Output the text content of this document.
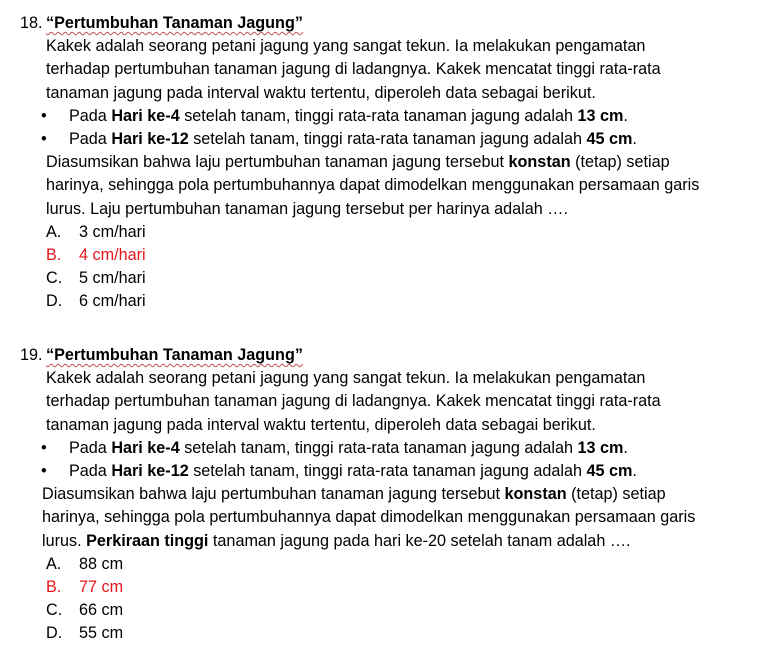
18. “Pertumbuhan Tanaman Jagung”
Kakek adalah seorang petani jagung yang sangat tekun. Ia melakukan pengamatan
terhadap pertumbuhan tanaman jagung di ladangnya. Kakek mencatat tinggi rata-rata
tanaman jagung pada interval waktu tertentu, diperoleh data sebagai berikut.
• Pada Hari ke-4 setelah tanam, tinggi rata-rata tanaman jagung adalah 13 cm.
• Pada Hari ke-12 setelah tanam, tinggi rata-rata tanaman jagung adalah 45 cm.
Diasumsikan bahwa laju pertumbuhan tanaman jagung tersebut konstan (tetap) setiap
harinya, sehingga pola pertumbuhannya dapat dimodelkan menggunakan persamaan garis
lurus. Laju pertumbuhan tanaman jagung tersebut per harinya adalah ….
A. 3 cm/hari
B. 4 cm/hari
C. 5 cm/hari
D. 6 cm/hari
19. “Pertumbuhan Tanaman Jagung”
Kakek adalah seorang petani jagung yang sangat tekun. Ia melakukan pengamatan
terhadap pertumbuhan tanaman jagung di ladangnya. Kakek mencatat tinggi rata-rata
tanaman jagung pada interval waktu tertentu, diperoleh data sebagai berikut.
• Pada Hari ke-4 setelah tanam, tinggi rata-rata tanaman jagung adalah 13 cm.
• Pada Hari ke-12 setelah tanam, tinggi rata-rata tanaman jagung adalah 45 cm.
Diasumsikan bahwa laju pertumbuhan tanaman jagung tersebut konstan (tetap) setiap
harinya, sehingga pola pertumbuhannya dapat dimodelkan menggunakan persamaan garis
lurus. Perkiraan tinggi tanaman jagung pada hari ke-20 setelah tanam adalah ….
A. 88 cm
B. 77 cm
C. 66 cm
D. 55 cm
